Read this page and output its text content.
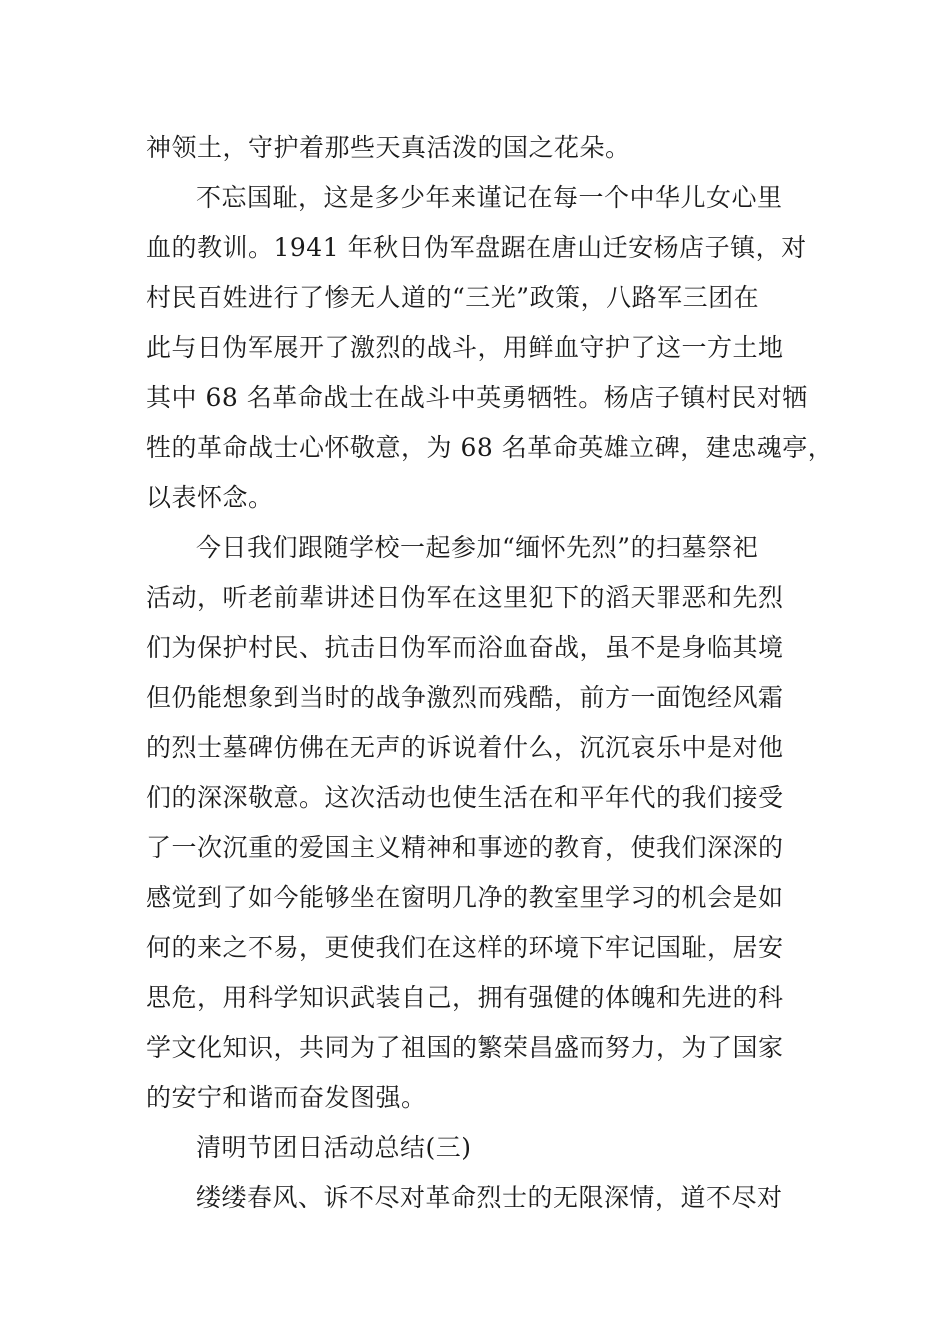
神领土，守护着那些天真活泼的国之花朵。
不忘国耻，这是多少年来谨记在每一个中华儿女心里
血的教训。1941 年秋日伪军盘踞在唐山迁安杨店子镇，对
村民百姓进行了惨无人道的“三光”政策，八路军三团在
此与日伪军展开了激烈的战斗，用鲜血守护了这一方土地
其中 68 名革命战士在战斗中英勇牺牲。杨店子镇村民对牺
牲的革命战士心怀敬意，为 68 名革命英雄立碑，建忠魂亭，
以表怀念。
今日我们跟随学校一起参加“缅怀先烈”的扫墓祭祀
活动，听老前辈讲述日伪军在这里犯下的滔天罪恶和先烈
们为保护村民、抗击日伪军而浴血奋战，虽不是身临其境
但仍能想象到当时的战争激烈而残酷，前方一面饱经风霜
的烈士墓碑仿佛在无声的诉说着什么，沉沉哀乐中是对他
们的深深敬意。这次活动也使生活在和平年代的我们接受
了一次沉重的爱国主义精神和事迹的教育，使我们深深的
感觉到了如今能够坐在窗明几净的教室里学习的机会是如
何的来之不易，更使我们在这样的环境下牢记国耻，居安
思危，用科学知识武装自己，拥有强健的体魄和先进的科
学文化知识，共同为了祖国的繁荣昌盛而努力，为了国家
的安宁和谐而奋发图强。
清明节团日活动总结(三)
缕缕春风、诉不尽对革命烈士的无限深情，道不尽对
